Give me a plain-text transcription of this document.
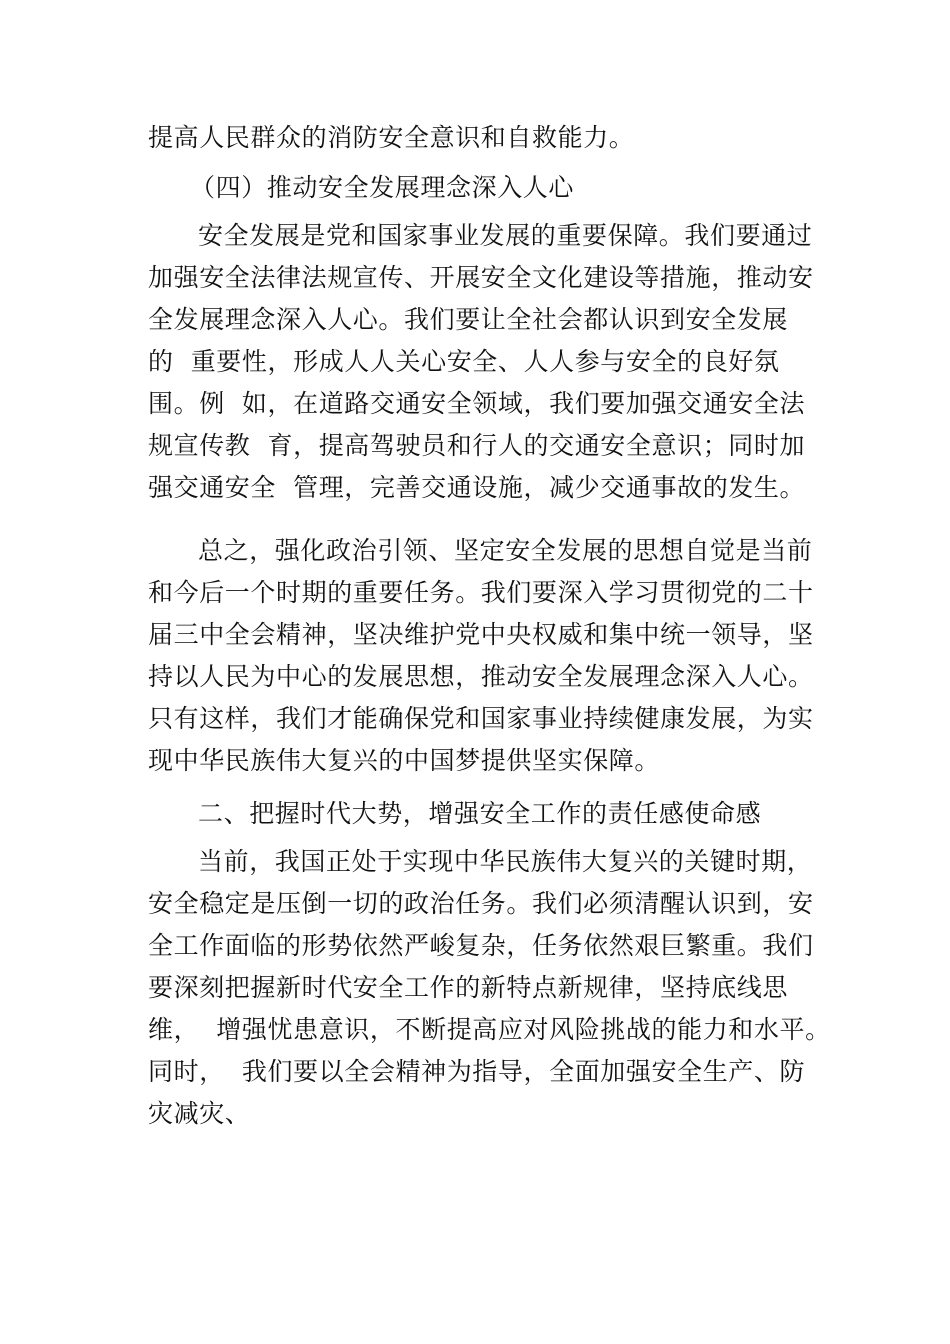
提高人民群众的消防安全意识和自救能力。
（四）推动安全发展理念深入人心
安全发展是党和国家事业发展的重要保障。我们要通过
加强安全法律法规宣传、开展安全文化建设等措施，推动安
全发展理念深入人心。我们要让全社会都认识到安全发展
的  重要性，形成人人关心安全、人人参与安全的良好氛
围。例  如，在道路交通安全领域，我们要加强交通安全法
规宣传教  育，提高驾驶员和行人的交通安全意识；同时加
强交通安全  管理，完善交通设施，减少交通事故的发生。
总之，强化政治引领、坚定安全发展的思想自觉是当前
和今后一个时期的重要任务。我们要深入学习贯彻党的二十
届三中全会精神，坚决维护党中央权威和集中统一领导，坚
持以人民为中心的发展思想，推动安全发展理念深入人心。
只有这样，我们才能确保党和国家事业持续健康发展，为实
现中华民族伟大复兴的中国梦提供坚实保障。
二、把握时代大势，增强安全工作的责任感使命感
当前，我国正处于实现中华民族伟大复兴的关键时期，
安全稳定是压倒一切的政治任务。我们必须清醒认识到，安
全工作面临的形势依然严峻复杂，任务依然艰巨繁重。我们
要深刻把握新时代安全工作的新特点新规律，坚持底线思
维，  增强忧患意识，不断提高应对风险挑战的能力和水平。
同时，  我们要以全会精神为指导，全面加强安全生产、防
灾减灾、
